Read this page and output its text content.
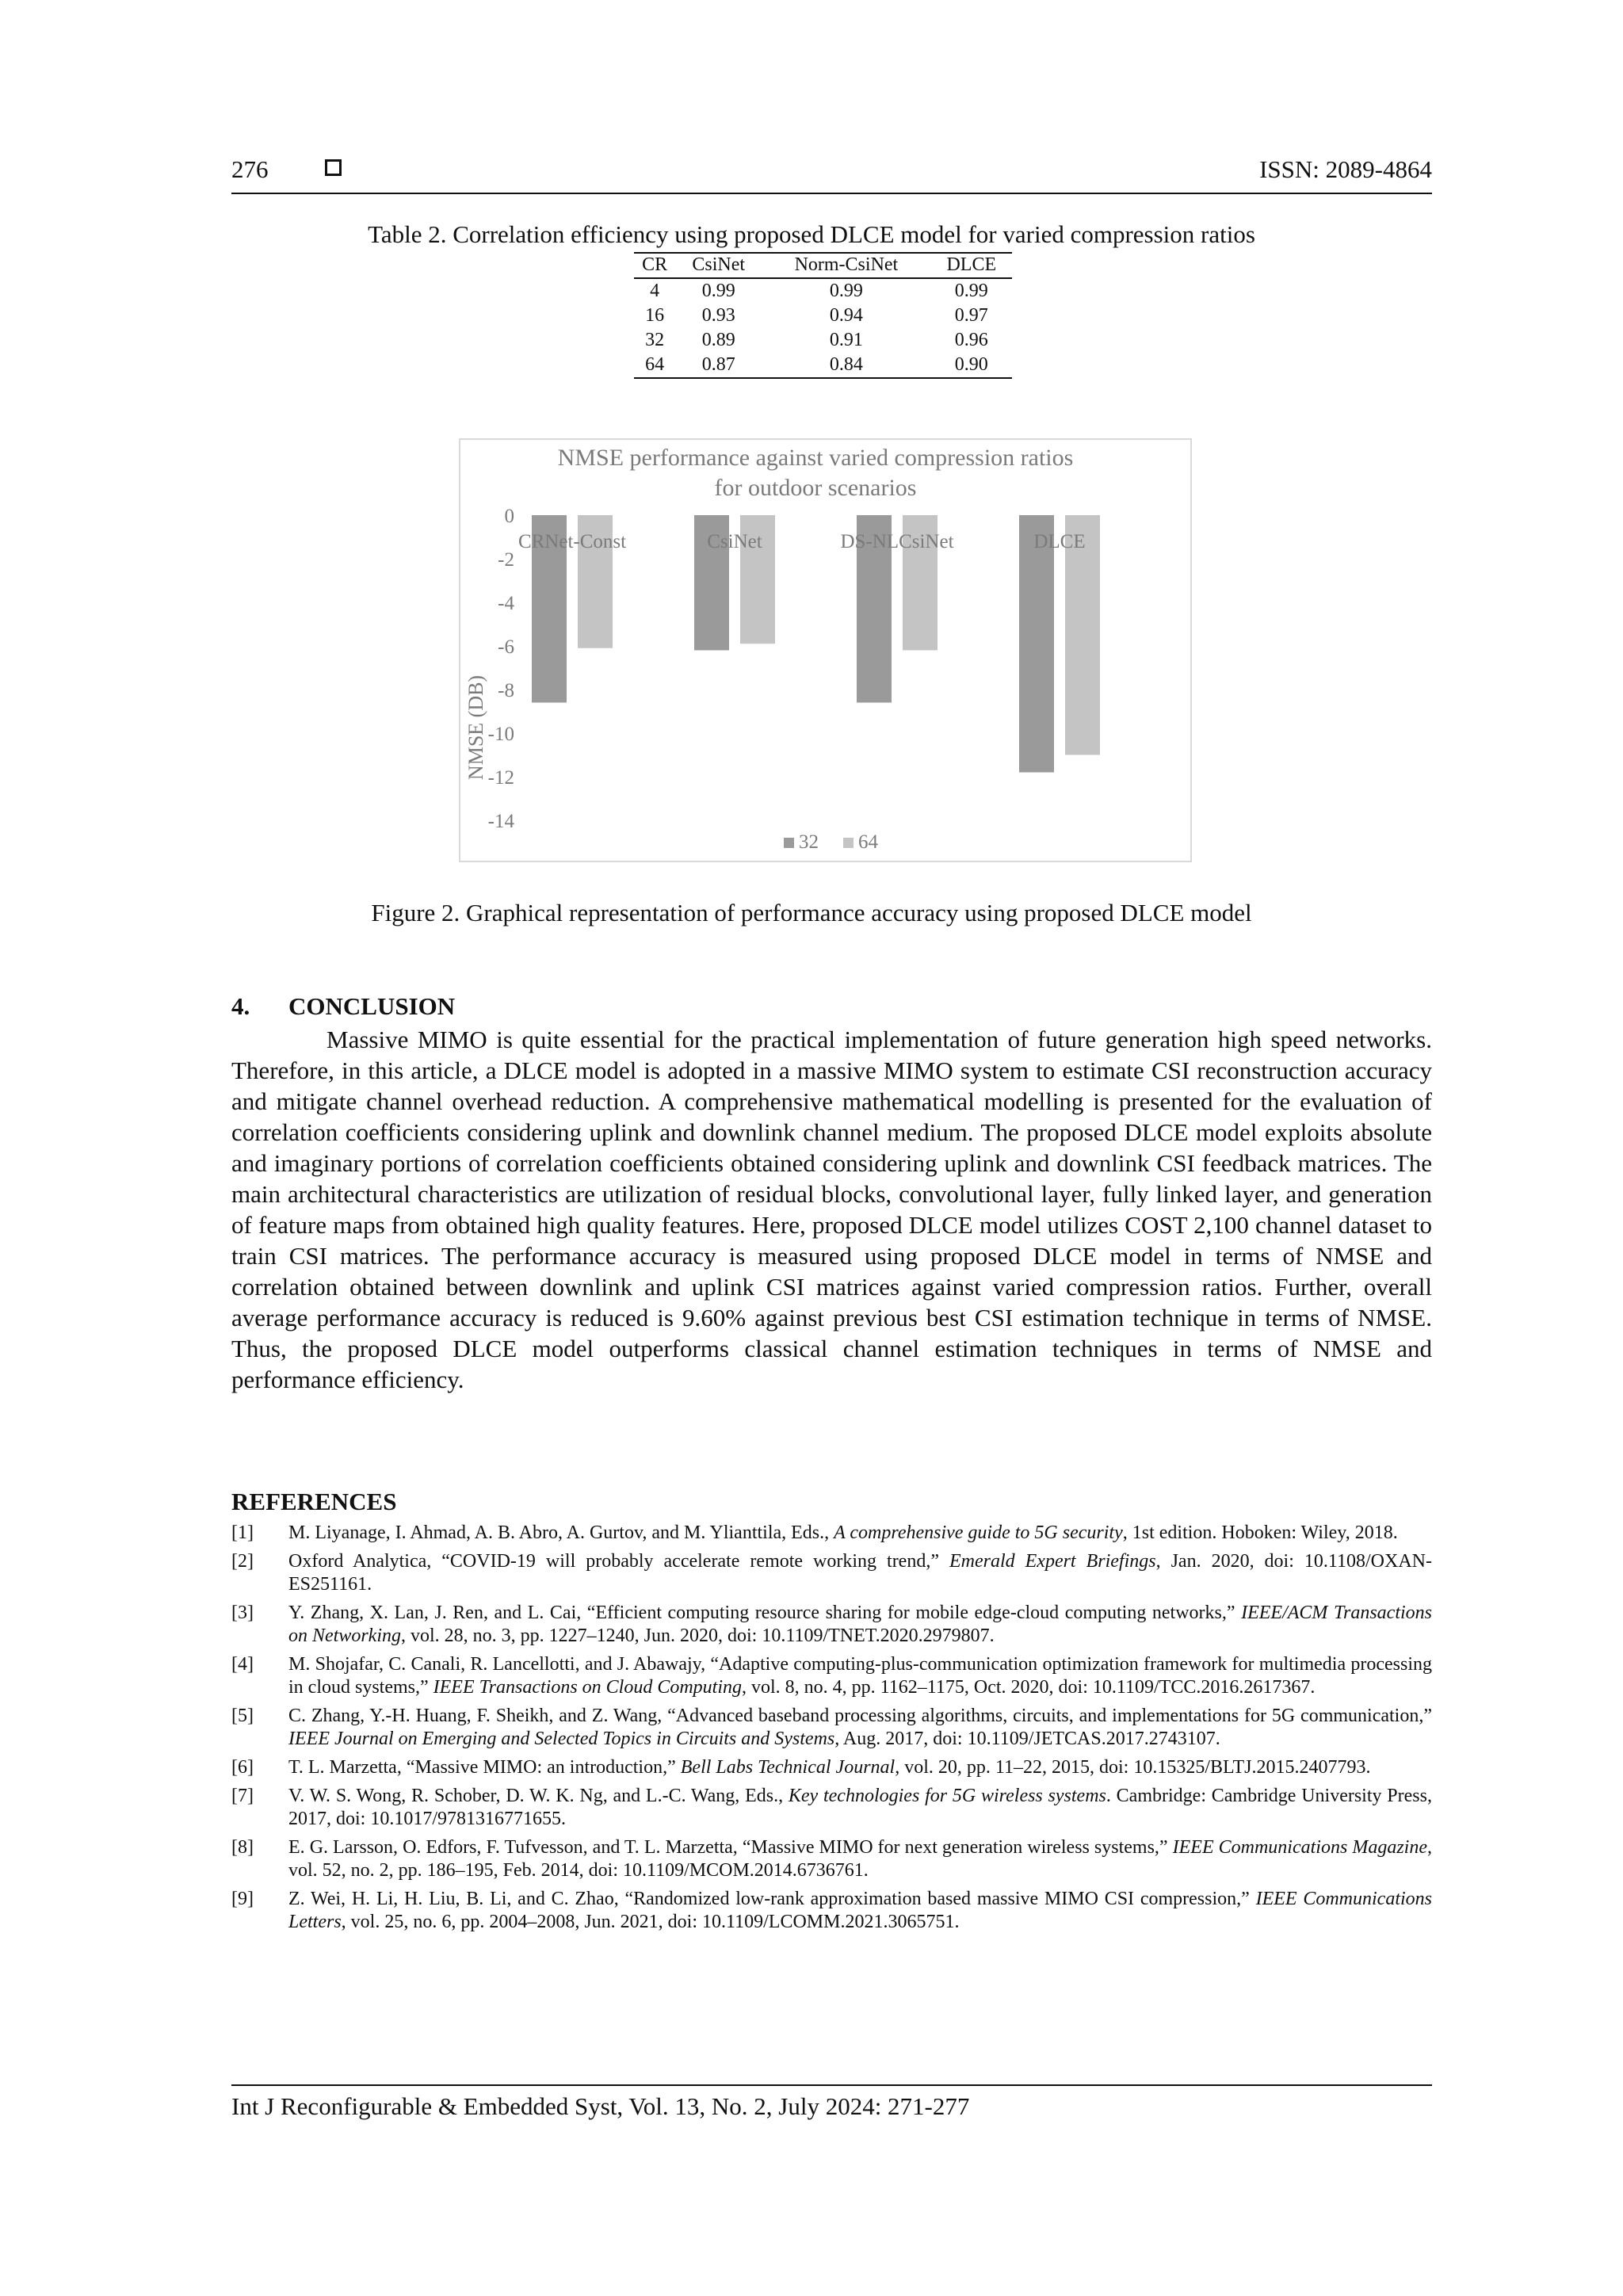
276	ISSN: 2089-4864
Table 2. Correlation efficiency using proposed DLCE model for varied compression ratios
CR	CsiNet	Norm-CsiNet	DLCE
4	0.99	0.99	0.99
16	0.93	0.94	0.97
32	0.89	0.91	0.96
64	0.87	0.84	0.90
NMSE performance against varied compression ratios
for outdoor scenarios
NMSE (DB)
0
-2
-4
-6
-8
-10
-12
-14
CRNet-Const	CsiNet	DS-NLCsiNet	DLCE
32 64
Figure 2. Graphical representation of performance accuracy using proposed DLCE model
4. CONCLUSION
Massive MIMO is quite essential for the practical implementation of future generation high speed networks. Therefore, in this article, a DLCE model is adopted in a massive MIMO system to estimate CSI reconstruction accuracy and mitigate channel overhead reduction. A comprehensive mathematical modelling is presented for the evaluation of correlation coefficients considering uplink and downlink channel medium. The proposed DLCE model exploits absolute and imaginary portions of correlation coefficients obtained considering uplink and downlink CSI feedback matrices. The main architectural characteristics are utilization of residual blocks, convolutional layer, fully linked layer, and generation of feature maps from obtained high quality features. Here, proposed DLCE model utilizes COST 2,100 channel dataset to train CSI matrices. The performance accuracy is measured using proposed DLCE model in terms of NMSE and correlation obtained between downlink and uplink CSI matrices against varied compression ratios. Further, overall average performance accuracy is reduced is 9.60% against previous best CSI estimation technique in terms of NMSE. Thus, the proposed DLCE model outperforms classical channel estimation techniques in terms of NMSE and performance efficiency.
REFERENCES
[1]	M. Liyanage, I. Ahmad, A. B. Abro, A. Gurtov, and M. Ylianttila, Eds., A comprehensive guide to 5G security, 1st edition. Hoboken: Wiley, 2018.
[2]	Oxford Analytica, “COVID-19 will probably accelerate remote working trend,” Emerald Expert Briefings, Jan. 2020, doi: 10.1108/OXAN-ES251161.
[3]	Y. Zhang, X. Lan, J. Ren, and L. Cai, “Efficient computing resource sharing for mobile edge-cloud computing networks,” IEEE/ACM Transactions on Networking, vol. 28, no. 3, pp. 1227–1240, Jun. 2020, doi: 10.1109/TNET.2020.2979807.
[4]	M. Shojafar, C. Canali, R. Lancellotti, and J. Abawajy, “Adaptive computing-plus-communication optimization framework for multimedia processing in cloud systems,” IEEE Transactions on Cloud Computing, vol. 8, no. 4, pp. 1162–1175, Oct. 2020, doi: 10.1109/TCC.2016.2617367.
[5]	C. Zhang, Y.-H. Huang, F. Sheikh, and Z. Wang, “Advanced baseband processing algorithms, circuits, and implementations for 5G communication,” IEEE Journal on Emerging and Selected Topics in Circuits and Systems, Aug. 2017, doi: 10.1109/JETCAS.2017.2743107.
[6]	T. L. Marzetta, “Massive MIMO: an introduction,” Bell Labs Technical Journal, vol. 20, pp. 11–22, 2015, doi: 10.15325/BLTJ.2015.2407793.
[7]	V. W. S. Wong, R. Schober, D. W. K. Ng, and L.-C. Wang, Eds., Key technologies for 5G wireless systems. Cambridge: Cambridge University Press, 2017, doi: 10.1017/9781316771655.
[8]	E. G. Larsson, O. Edfors, F. Tufvesson, and T. L. Marzetta, “Massive MIMO for next generation wireless systems,” IEEE Communications Magazine, vol. 52, no. 2, pp. 186–195, Feb. 2014, doi: 10.1109/MCOM.2014.6736761.
[9]	Z. Wei, H. Li, H. Liu, B. Li, and C. Zhao, “Randomized low-rank approximation based massive MIMO CSI compression,” IEEE Communications Letters, vol. 25, no. 6, pp. 2004–2008, Jun. 2021, doi: 10.1109/LCOMM.2021.3065751.
Int J Reconfigurable & Embedded Syst, Vol. 13, No. 2, July 2024: 271-277
